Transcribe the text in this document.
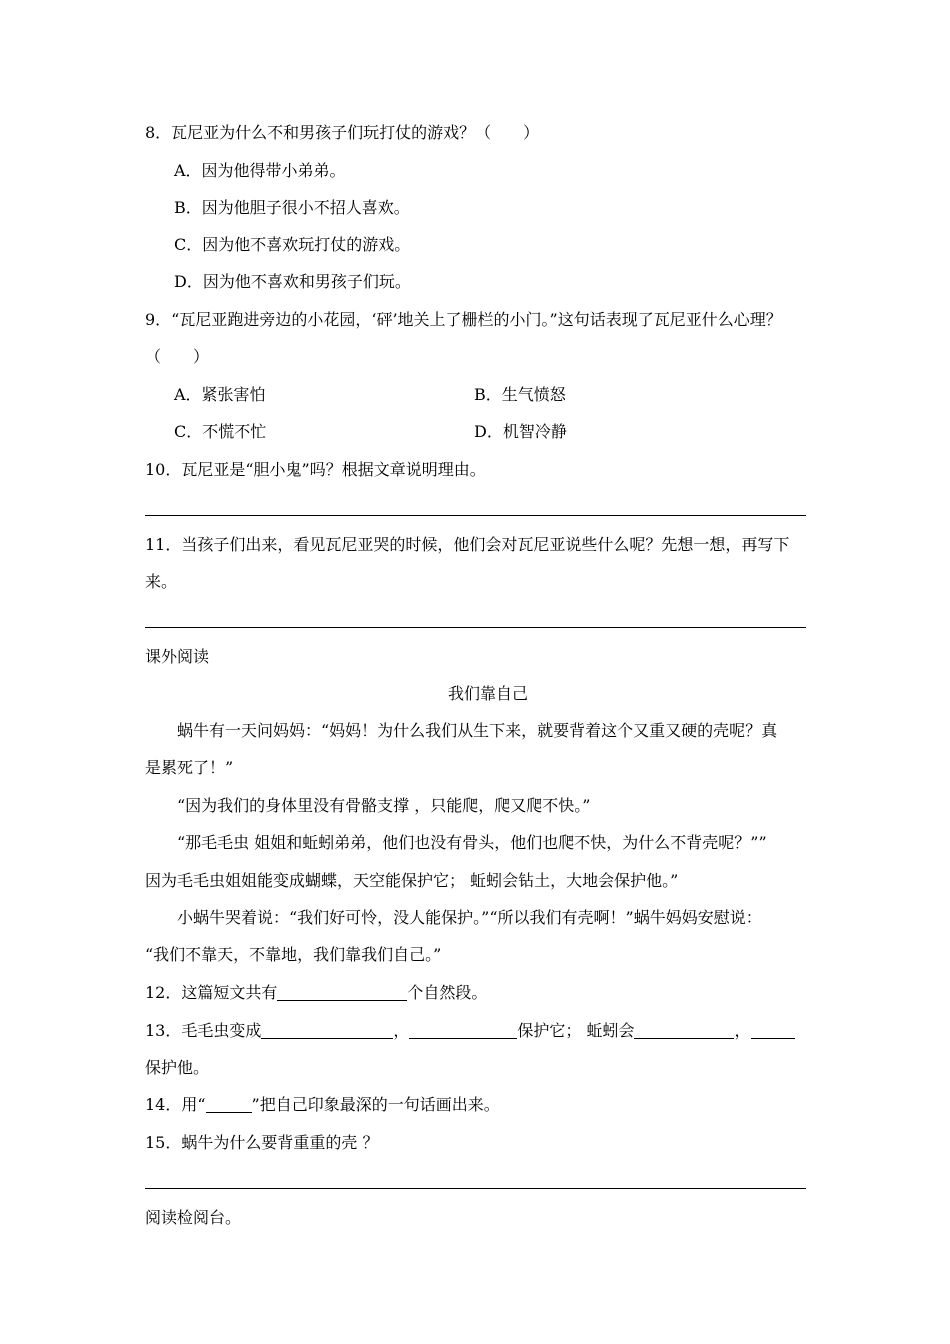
8．瓦尼亚为什么不和男孩子们玩打仗的游戏？（　　）
A．因为他得带小弟弟。
B．因为他胆子很小不招人喜欢。
C．因为他不喜欢玩打仗的游戏。
D．因为他不喜欢和男孩子们玩。
9．“瓦尼亚跑进旁边的小花园，‘砰’地关上了栅栏的小门。”这句话表现了瓦尼亚什么心理？
（　　）
A．紧张害怕	B．生气愤怒
C．不慌不忙	D．机智冷静
10．瓦尼亚是“胆小鬼”吗？根据文章说明理由。
11．当孩子们出来，看见瓦尼亚哭的时候，他们会对瓦尼亚说些什么呢？先想一想，再写下
来。
课外阅读
我们靠自己
蜗牛有一天问妈妈：“妈妈！为什么我们从生下来，就要背着这个又重又硬的壳呢？真
是累死了！”
“因为我们的身体里没有骨骼支撑 ，只能爬，爬又爬不快。”
“那毛毛虫 姐姐和蚯蚓弟弟，他们也没有骨头，他们也爬不快，为什么不背壳呢？””
因为毛毛虫姐姐能变成蝴蝶，天空能保护它； 蚯蚓会钻土，大地会保护他。”
小蜗牛哭着说：“我们好可怜，没人能保护。”“所以我们有壳啊！”蜗牛妈妈安慰说：
“我们不靠天，不靠地，我们靠我们自己。”
12．这篇短文共有	个自然段。
13．毛毛虫变成	，	保护它； 蚯蚓会	，
保护他。
14．用“	”把自己印象最深的一句话画出来。
15．蜗牛为什么要背重重的壳 ？
阅读检阅台。
